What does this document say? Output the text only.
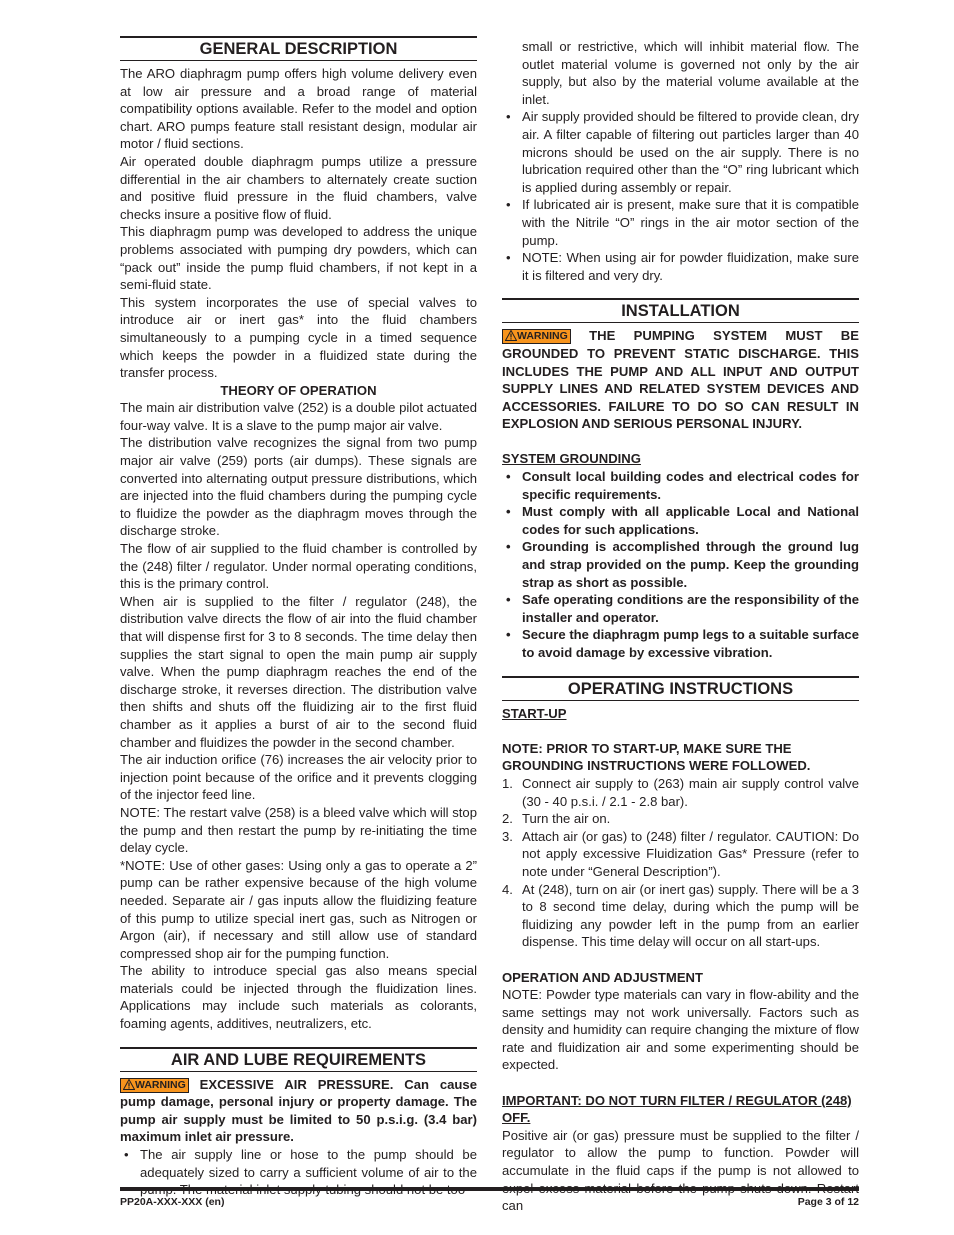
GENERAL DESCRIPTION

The ARO diaphragm pump offers high volume delivery even at low air pressure and a broad range of material compatibility options available. Refer to the model and option chart. ARO pumps feature stall resistant design, modular air motor / fluid sections.

Air operated double diaphragm pumps utilize a pressure differential in the air chambers to alternately create suction and positive fluid pressure in the fluid chambers, valve checks insure a positive flow of fluid.

This diaphragm pump was developed to address the unique problems associated with pumping dry powders, which can “pack out” inside the pump fluid chambers, if not kept in a semi-fluid state.

This system incorporates the use of special valves to introduce air or inert gas* into the fluid chambers simultaneously to a pumping cycle in a timed sequence which keeps the powder in a fluidized state during the transfer process.

THEORY OF OPERATION

The main air distribution valve (252) is a double pilot actuated four-way valve. It is a slave to the pump major air valve.

The distribution valve recognizes the signal from two pump major air valve (259) ports (air dumps). These signals are converted into alternating output pressure distributions, which are injected into the fluid chambers during the pumping cycle to fluidize the powder as the diaphragm moves through the discharge stroke.

The flow of air supplied to the fluid chamber is controlled by the (248) filter / regulator. Under normal operating conditions, this is the primary control.

When air is supplied to the filter / regulator (248), the distribution valve directs the flow of air into the fluid chamber that will dispense first for 3 to 8 seconds. The time delay then supplies the start signal to open the main pump air supply valve. When the pump diaphragm reaches the end of the discharge stroke, it reverses direction. The distribution valve then shifts and shuts off the fluidizing air to the first fluid chamber as it applies a burst of air to the second fluid chamber and fluidizes the powder in the second chamber.

The air induction orifice (76) increases the air velocity prior to injection point because of the orifice and it prevents clogging of the injector feed line.

NOTE: The restart valve (258) is a bleed valve which will stop the pump and then restart the pump by re-initiating the time delay cycle.

*NOTE: Use of other gases: Using only a gas to operate a 2” pump can be rather expensive because of the high volume needed. Separate air / gas inputs allow the fluidizing feature of this pump to utilize special inert gas, such as Nitrogen or Argon (air), if necessary and still allow use of standard compressed shop air for the pumping function.

The ability to introduce special gas also means special materials could be injected through the fluidization lines. Applications may include such materials as colorants, foaming agents, additives, neutralizers, etc.

AIR AND LUBE REQUIREMENTS
WARNING EXCESSIVE AIR PRESSURE. Can cause pump damage, personal injury or property damage. The pump air supply must be limited to 50 p.s.i.g. (3.4 bar) maximum inlet air pressure.
• The air supply line or hose to the pump should be adequately sized to carry a sufficient volume of air to the pump. The material inlet supply tubing should not be too

small or restrictive, which will inhibit material flow. The outlet material volume is governed not only by the air supply, but also by the material volume available at the inlet.

• Air supply provided should be filtered to provide clean, dry air. A filter capable of filtering out particles larger than 40 microns should be used on the air supply. There is no lubrication required other than the “O” ring lubricant which is applied during assembly or repair.
• If lubricated air is present, make sure that it is compatible with the Nitrile “O” rings in the air motor section of the pump.
• NOTE: When using air for powder fluidization, make sure it is filtered and very dry.
INSTALLATION
WARNING THE PUMPING SYSTEM MUST BE GROUNDED TO PREVENT STATIC DISCHARGE. THIS INCLUDES THE PUMP AND ALL INPUT AND OUTPUT SUPPLY LINES AND RELATED SYSTEM DEVICES AND ACCESSORIES. FAILURE TO DO SO CAN RESULT IN EXPLOSION AND SERIOUS PERSONAL INJURY.
SYSTEM GROUNDING
• Consult local building codes and electrical codes for specific requirements.
• Must comply with all applicable Local and National codes for such applications.
• Grounding is accomplished through the ground lug and strap provided on the pump. Keep the grounding strap as short as possible.
• Safe operating conditions are the responsibility of the installer and operator.
• Secure the diaphragm pump legs to a suitable surface to avoid damage by excessive vibration.
OPERATING INSTRUCTIONS
START-UP
NOTE: PRIOR TO START-UP, MAKE SURE THE GROUNDING INSTRUCTIONS WERE FOLLOWED.
1. Connect air supply to (263) main air supply control valve (30 - 40 p.s.i. / 2.1 - 2.8 bar).
2. Turn the air on.
3. Attach air (or gas) to (248) filter / regulator. CAUTION: Do not apply excessive Fluidization Gas* Pressure (refer to note under “General Description”).
4. At (248), turn on air (or inert gas) supply. There will be a 3 to 8 second time delay, during which the pump will be fluidizing any powder left in the pump from an earlier dispense. This time delay will occur on all start-ups.
OPERATION AND ADJUSTMENT

NOTE: Powder type materials can vary in flow-ability and the same settings may not work universally. Factors such as density and humidity can require changing the mixture of flow rate and fluidization air and some experimenting should be expected.

IMPORTANT: DO NOT TURN FILTER / REGULATOR (248) OFF.

Positive air (or gas) pressure must be supplied to the filter / regulator to allow the pump to function. Powder will accumulate in the fluid caps if the pump is not allowed to expel excess material before the pump shuts down. Restart can

PP20A-XXX-XXX (en)	Page 3 of 12
